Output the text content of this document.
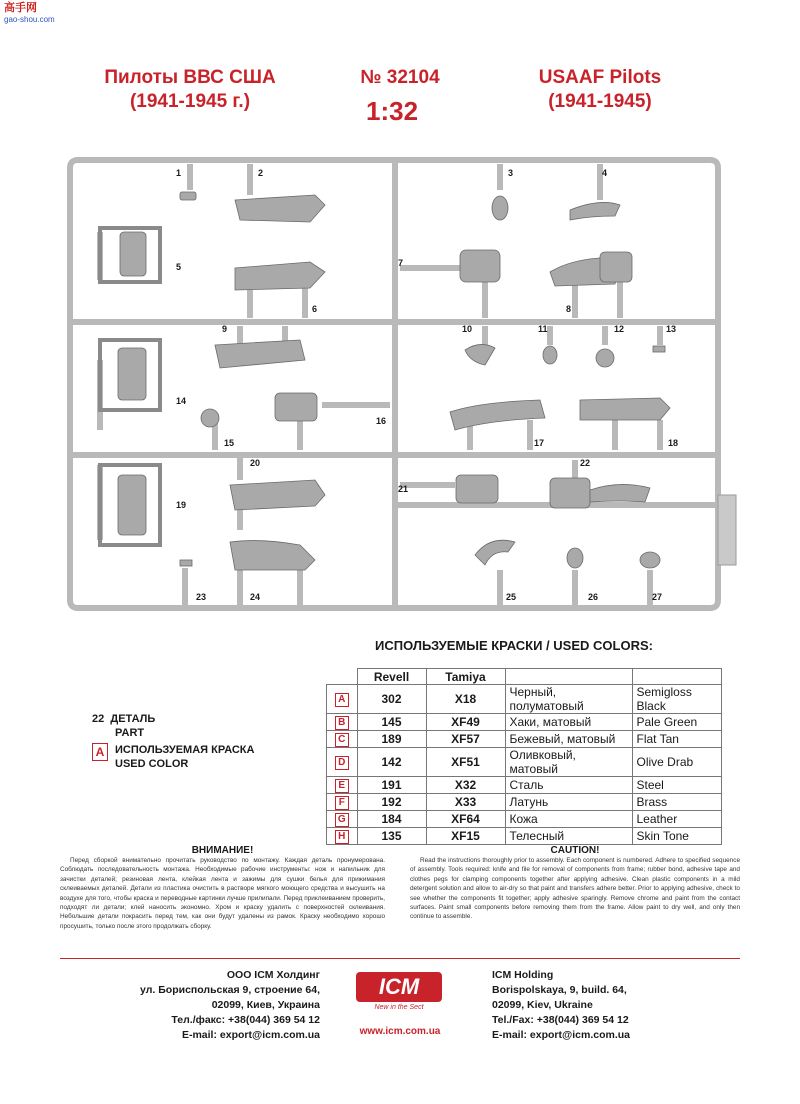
高手网
gao-shou.com
Пилоты ВВС США
(1941-1945 г.)
№ 32104
1:32
USAAF Pilots
(1941-1945)
1	2	3	4
5
6
7
8
9	10	11	12	13
14
15
16
17	18
19
20
21
22
23	24	25	26	27
ИСПОЛЬЗУЕМЫЕ КРАСКИ / USED COLORS:
	Revell	Tamiya		
A	302	X18	Черный, полуматовый	Semigloss Black
B	145	XF49	Хаки, матовый	Pale Green
C	189	XF57	Бежевый, матовый	Flat Tan
D	142	XF51	Оливковый, матовый	Olive Drab
E	191	X32	Сталь	Steel
F	192	X33	Латунь	Brass
G	184	XF64	Кожа	Leather
H	135	XF15	Телесный	Skin Tone
22 ДЕТАЛЬ
PART
A ИСПОЛЬЗУЕМАЯ КРАСКА
USED COLOR
ВНИМАНИЕ!
Перед сборкой внимательно прочитать руководство по монтажу. Каждая деталь пронумерована. Соблюдать последовательность монтажа. Необходимые рабочие инструменты: нож и напильник для зачистки деталей; резиновая лента, клейкая лента и зажимы для сушки белья для прижимания склеиваемых деталей. Детали из пластика очистить в растворе мягкого моющего средства и высушить на воздухе для того, чтобы краска и переводные картинки лучше прилипали. Перед приклеиванием проверить, подходят ли детали; клей наносить экономно. Хром и краску удалить с поверхностей склеивания. Небольшие детали покрасить перед тем, как они будут удалены из рамок. Краску необходимо хорошо просушить, только после этого продолжать сборку.
CAUTION!
Read the instructions thoroughly prior to assembly. Each component is numbered. Adhere to specified sequence of assembly. Tools required: knife and file for removal of components from frame; rubber bond, adhesive tape and clothes pegs for clamping components together after applying adhesive. Clean plastic components in a mild detergent solution and allow to air-dry so that paint and transfers adhere better. Prior to applying adhesive, check to see whether the components fit together; apply adhesive sparingly. Remove chrome and paint from the contact surfaces. Paint small components before removing them from the frame. Allow paint to dry well, and only then continue to assemble.
ООО ICM Холдинг
ул. Бориспольская 9, строение 64,
02099, Киев, Украина
Тел./факс: +38(044) 369 54 12
E-mail: export@icm.com.ua
ICM
New in the Sect
www.icm.com.ua
ICM Holding
Borispolskaya, 9, build. 64,
02099, Kiev, Ukraine
Tel./Fax: +38(044) 369 54 12
E-mail: export@icm.com.ua
